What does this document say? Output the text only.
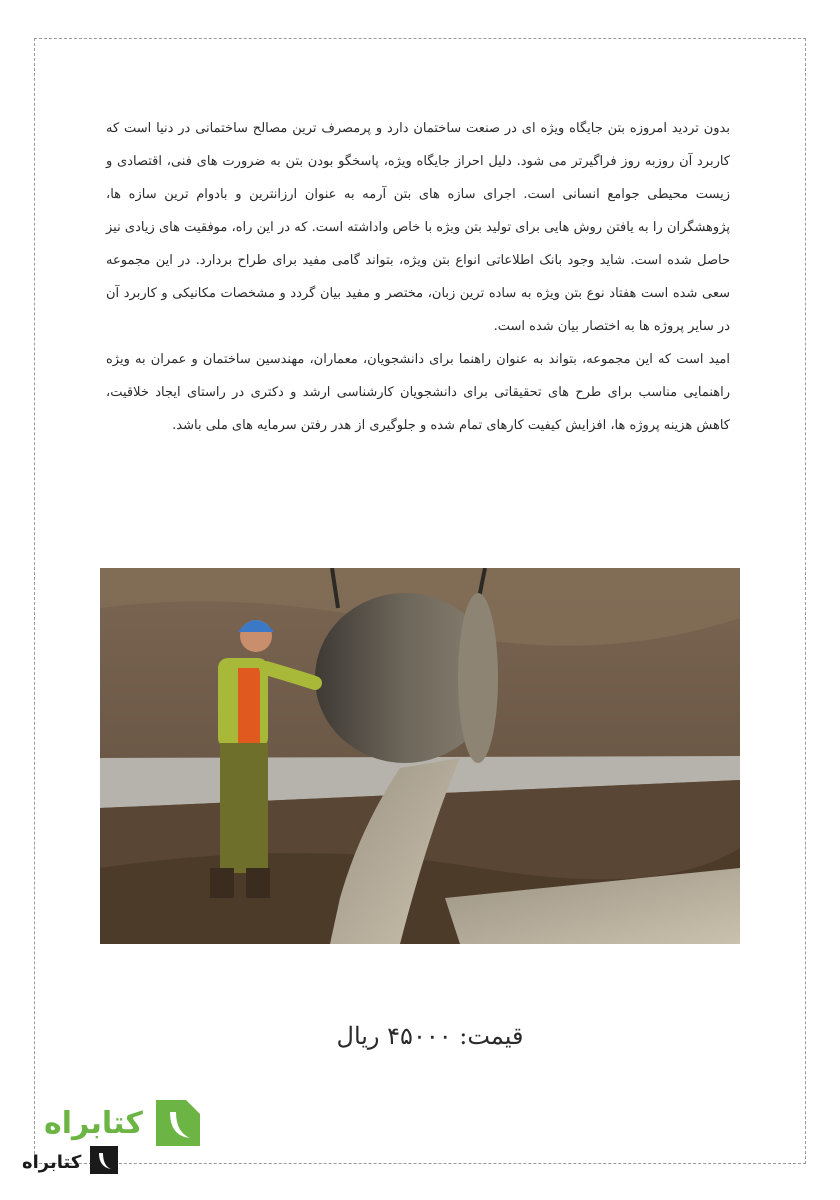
بدون تردید امروزه بتن جایگاه ویژه ای در صنعت ساختمان دارد و پرمصرف ترین مصالح ساختمانی در دنیا است که کاربرد آن روزبه روز فراگیرتر می شود. دلیل احراز جایگاه ویژه، پاسخگو بودن بتن به ضرورت های فنی، اقتصادی و زیست محیطی جوامع انسانی است. اجرای سازه های بتن آرمه به عنوان ارزانترین و بادوام ترین سازه ها، پژوهشگران را به یافتن روش هایی برای تولید بتن ویژه با خاص واداشته است. که در این راه، موفقیت های زیادی نیز حاصل شده است. شاید وجود بانک اطلاعاتی انواع بتن ویژه، بتواند گامی مفید برای طراح بردارد. در این مجموعه سعی شده است هفتاد نوع بتن ویژه به ساده ترین زبان، مختصر و مفید بیان گردد و مشخصات مکانیکی و کاربرد آن در سایر پروژه ها به اختصار بیان شده است.

امید است که این مجموعه، بتواند به عنوان راهنما برای دانشجویان، معماران، مهندسین ساختمان و عمران به ویژه راهنمایی مناسب برای طرح های تحقیقاتی برای دانشجویان کارشناسی ارشد و دکتری در راستای ایجاد خلاقیت، کاهش هزینه پروژه ها، افزایش کیفیت کارهای تمام شده و جلوگیری از هدر رفتن سرمایه های ملی باشد.

قیمت: ۴۵۰۰۰ ریال
کتابراه
کتابراه
